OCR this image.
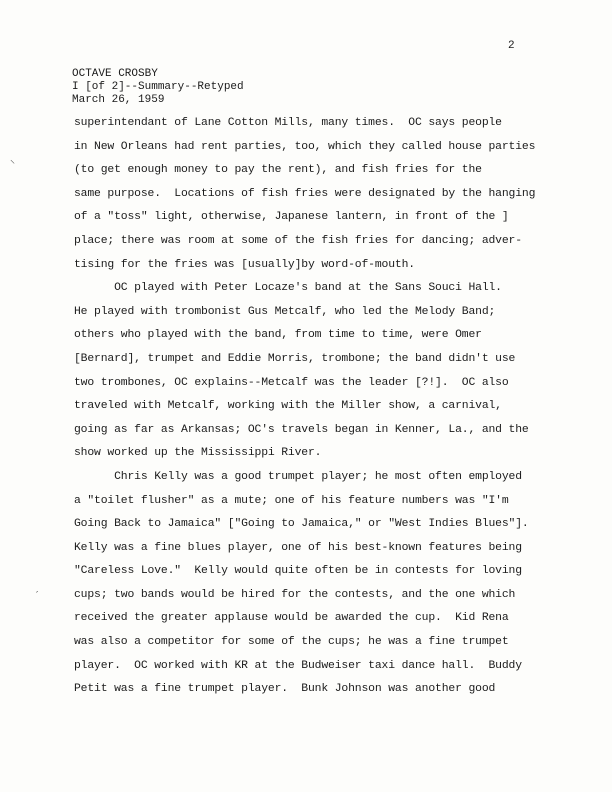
2
OCTAVE CROSBY
I [of 2]--Summary--Retyped
March 26, 1959
⸌
′
superintendant of Lane Cotton Mills, many times.  OC says people
in New Orleans had rent parties, too, which they called house parties
(to get enough money to pay the rent), and fish fries for the
same purpose.  Locations of fish fries were designated by the hanging
of a "toss" light, otherwise, Japanese lantern, in front of the ]
place; there was room at some of the fish fries for dancing; adver-
tising for the fries was [usually]by word-of-mouth.
OC played with Peter Locaze's band at the Sans Souci Hall.
He played with trombonist Gus Metcalf, who led the Melody Band;
others who played with the band, from time to time, were Omer
[Bernard], trumpet and Eddie Morris, trombone; the band didn't use
two trombones, OC explains--Metcalf was the leader [?!].  OC also
traveled with Metcalf, working with the Miller show, a carnival,
going as far as Arkansas; OC's travels began in Kenner, La., and the
show worked up the Mississippi River.
Chris Kelly was a good trumpet player; he most often employed
a "toilet flusher" as a mute; one of his feature numbers was "I'm
Going Back to Jamaica" ["Going to Jamaica," or "West Indies Blues"].
Kelly was a fine blues player, one of his best-known features being
"Careless Love."  Kelly would quite often be in contests for loving
cups; two bands would be hired for the contests, and the one which
received the greater applause would be awarded the cup.  Kid Rena
was also a competitor for some of the cups; he was a fine trumpet
player.  OC worked with KR at the Budweiser taxi dance hall.  Buddy
Petit was a fine trumpet player.  Bunk Johnson was another good
